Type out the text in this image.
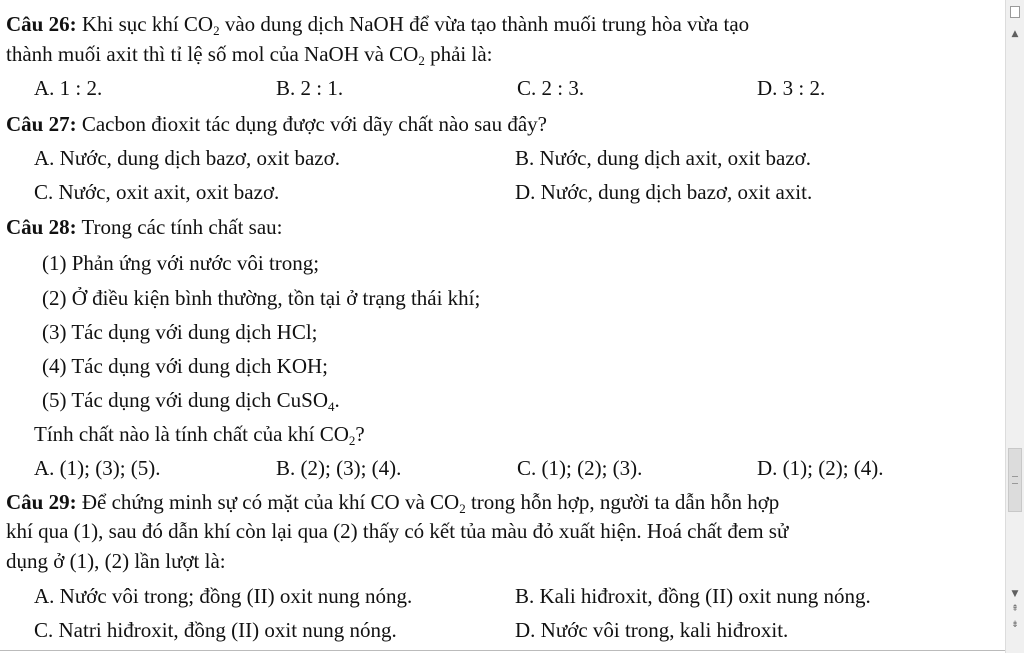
Câu 26: Khi sục khí $CO_2$ vào dung dịch NaOH để vừa tạo thành muối trung hòa vừa tạo
thành muối axit thì tỉ lệ số mol của NaOH và $CO_2$ phải là:
A. 1 : 2.	B. 2 : 1.	C. 2 : 3.	D. 3 : 2.
Câu 27: Cacbon đioxit tác dụng được với dãy chất nào sau đây?
A. Nước, dung dịch bazơ, oxit bazơ.	B. Nước, dung dịch axit, oxit bazơ.
C. Nước, oxit axit, oxit bazơ.	D. Nước, dung dịch bazơ, oxit axit.
Câu 28: Trong các tính chất sau:
(1) Phản ứng với nước vôi trong;
(2) Ở điều kiện bình thường, tồn tại ở trạng thái khí;
(3) Tác dụng với dung dịch HCl;
(4) Tác dụng với dung dịch KOH;
(5) Tác dụng với dung dịch CuSO$_4$.
Tính chất nào là tính chất của khí $CO_2$?
A. (1); (3); (5).	B. (2); (3); (4).	C. (1); (2); (3).	D. (1); (2); (4).
Câu 29: Để chứng minh sự có mặt của khí CO và $CO_2$ trong hỗn hợp, người ta dẫn hỗn hợp
khí qua (1), sau đó dẫn khí còn lại qua (2) thấy có kết tủa màu đỏ xuất hiện. Hoá chất đem sử
dụng ở (1), (2) lần lượt là:
A. Nước vôi trong; đồng (II) oxit nung nóng.	B. Kali hiđroxit, đồng (II) oxit nung nóng.
C. Natri hiđroxit, đồng (II) oxit nung nóng.	D. Nước vôi trong, kali hiđroxit.
▲
▼
⇞
⇟
